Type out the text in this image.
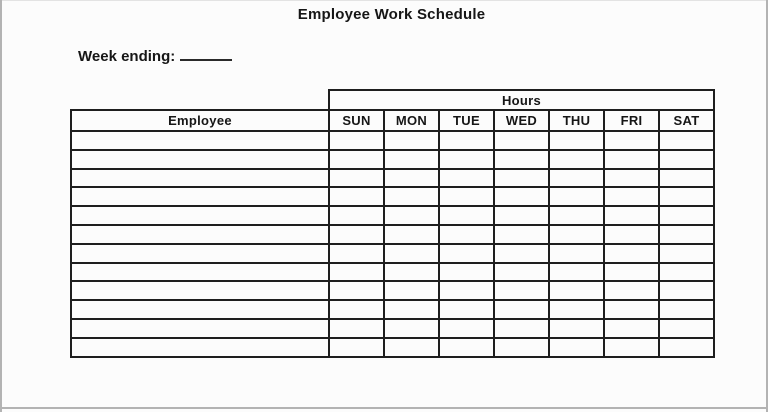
Employee Work Schedule
Week ending:
	Hours						
Employee	SUN	MON	TUE	WED	THU	FRI	SAT
